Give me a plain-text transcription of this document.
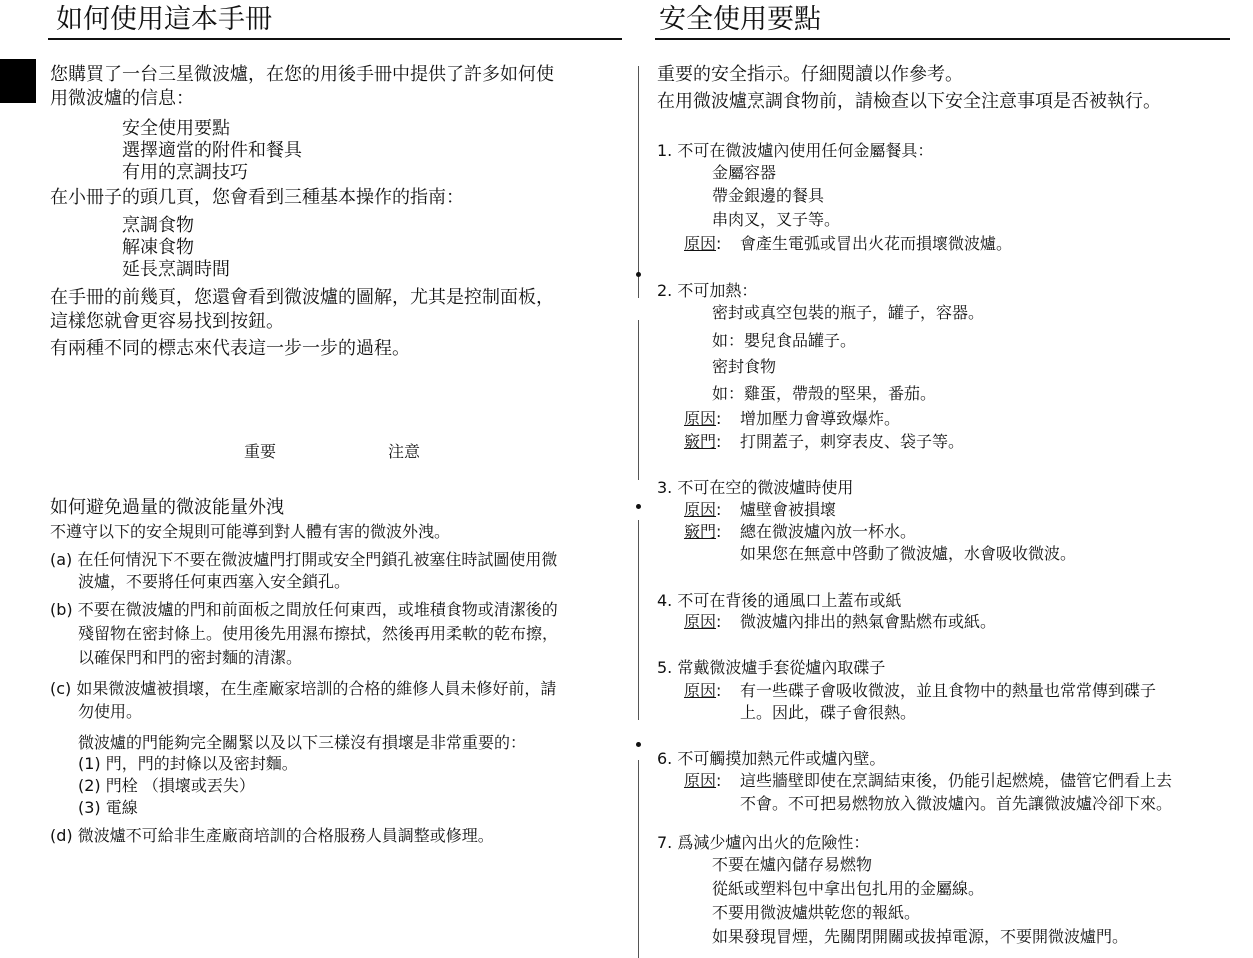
如何使用這本手冊
您購買了一台三星微波爐，在您的用後手冊中提供了許多如何使
用微波爐的信息：
安全使用要點
選擇適當的附件和餐具
有用的烹調技巧
在小冊子的頭几頁，您會看到三種基本操作的指南：
烹調食物
解凍食物
延長烹調時間
在手冊的前幾頁，您還會看到微波爐的圖解，尤其是控制面板，
這樣您就會更容易找到按鈕。
有兩種不同的標志來代表這一步一步的過程。
重要	注意
如何避免過量的微波能量外洩
不遵守以下的安全規則可能導到對人體有害的微波外洩。
(a) 在任何情況下不要在微波爐門打開或安全門鎖孔被塞住時試圖使用微
波爐，不要將任何東西塞入安全鎖孔。
(b) 不要在微波爐的門和前面板之間放任何東西，或堆積食物或清潔後的
殘留物在密封條上。使用後先用濕布擦拭，然後再用柔軟的乾布擦，
以確保門和門的密封麵的清潔。
(c) 如果微波爐被損壞，在生產廠家培訓的合格的維修人員未修好前，請
勿使用。
微波爐的門能夠完全關緊以及以下三樣沒有損壞是非常重要的：
(1) 門，門的封條以及密封麵。
(2) 門栓 （損壞或丟失）
(3) 電線
(d) 微波爐不可給非生產廠商培訓的合格服務人員調整或修理。
安全使用要點
重要的安全指示。仔細閱讀以作參考。
在用微波爐烹調食物前，請檢查以下安全注意事項是否被執行。
1. 不可在微波爐內使用任何金屬餐具：
金屬容器
帶金銀邊的餐具
串肉叉，叉子等。
原因: 會產生電弧或冒出火花而損壞微波爐。
2. 不可加熱：
密封或真空包裝的瓶子，罐子，容器。
如：嬰兒食品罐子。
密封食物
如：雞蛋，帶殼的堅果，番茄。
原因: 增加壓力會導致爆炸。
竅門: 打開蓋子，刺穿表皮、袋子等。
3. 不可在空的微波爐時使用
原因: 爐壁會被損壞
竅門: 總在微波爐內放一杯水。
如果您在無意中啓動了微波爐，水會吸收微波。
4. 不可在背後的通風口上蓋布或紙
原因: 微波爐內排出的熱氣會點燃布或紙。
5. 常戴微波爐手套從爐內取碟子
原因: 有一些碟子會吸收微波，並且食物中的熱量也常常傳到碟子
上。因此，碟子會很熱。
6. 不可觸摸加熱元件或爐內壁。
原因: 這些牆壁即使在烹調結束後，仍能引起燃燒，儘管它們看上去
不會。不可把易燃物放入微波爐內。首先讓微波爐冷卻下來。
7. 爲減少爐內出火的危險性：
不要在爐內儲存易燃物
從紙或塑料包中拿出包扎用的金屬線。
不要用微波爐烘乾您的報紙。
如果發現冒煙，先關閉開關或拔掉電源，不要開微波爐門。
